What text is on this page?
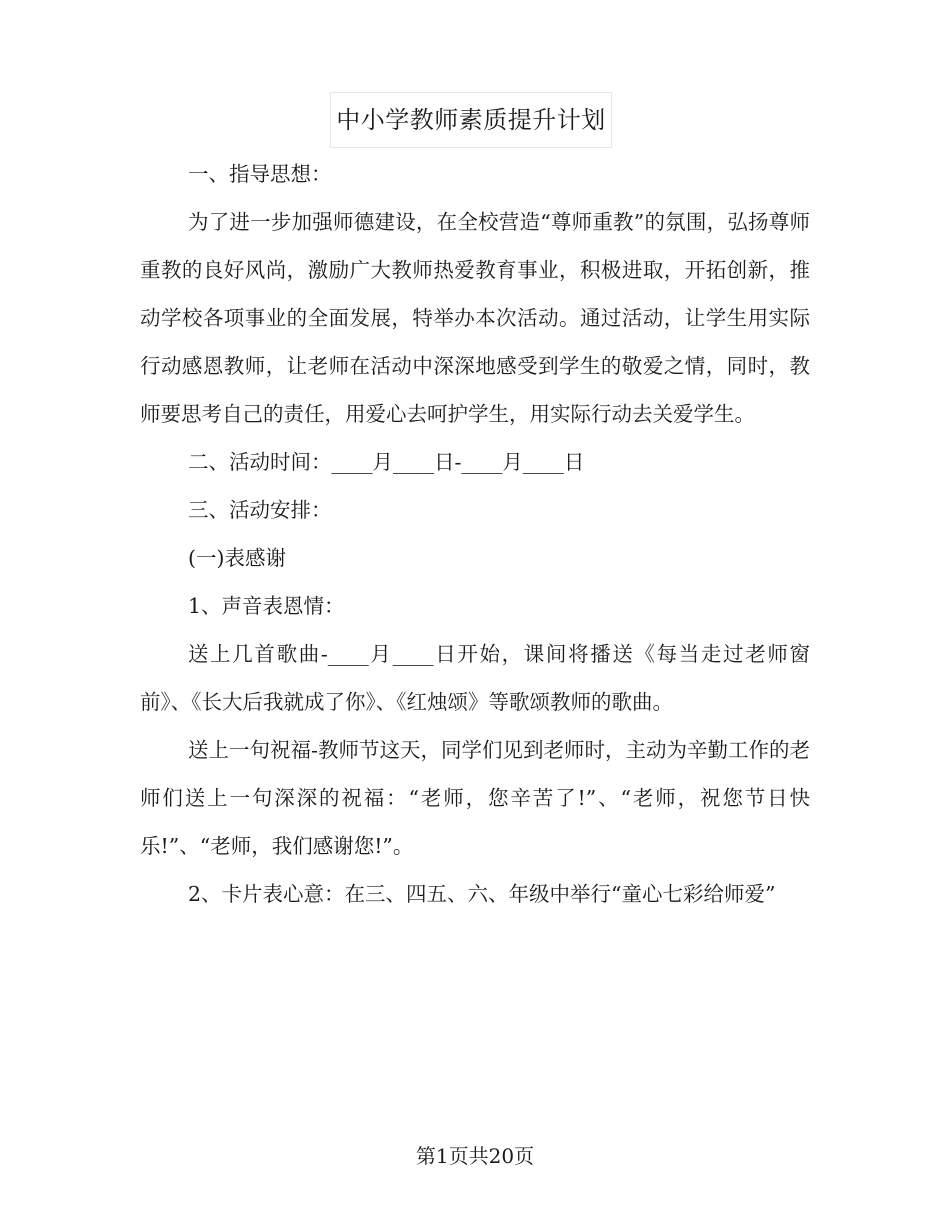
中小学教师素质提升计划

一、指导思想：

为了进一步加强师德建设，在全校营造“尊师重教”的氛围，弘扬尊师重教的良好风尚，激励广大教师热爱教育事业，积极进取，开拓创新，推动学校各项事业的全面发展，特举办本次活动。通过活动，让学生用实际行动感恩教师，让老师在活动中深深地感受到学生的敬爱之情，同时，教师要思考自己的责任，用爱心去呵护学生，用实际行动去关爱学生。

二、活动时间：____月____日-____月____日

三、活动安排：

(一)表感谢

1、声音表恩情：

送上几首歌曲-____月____日开始，课间将播送《每当走过老师窗前》、《长大后我就成了你》、《红烛颂》等歌颂教师的歌曲。

送上一句祝福-教师节这天，同学们见到老师时，主动为辛勤工作的老师们送上一句深深的祝福：“老师，您辛苦了!”、“老师，祝您节日快乐!”、“老师，我们感谢您!”。

2、卡片表心意：在三、四五、六、年级中举行“童心七彩给师爱”

第1页共20页
